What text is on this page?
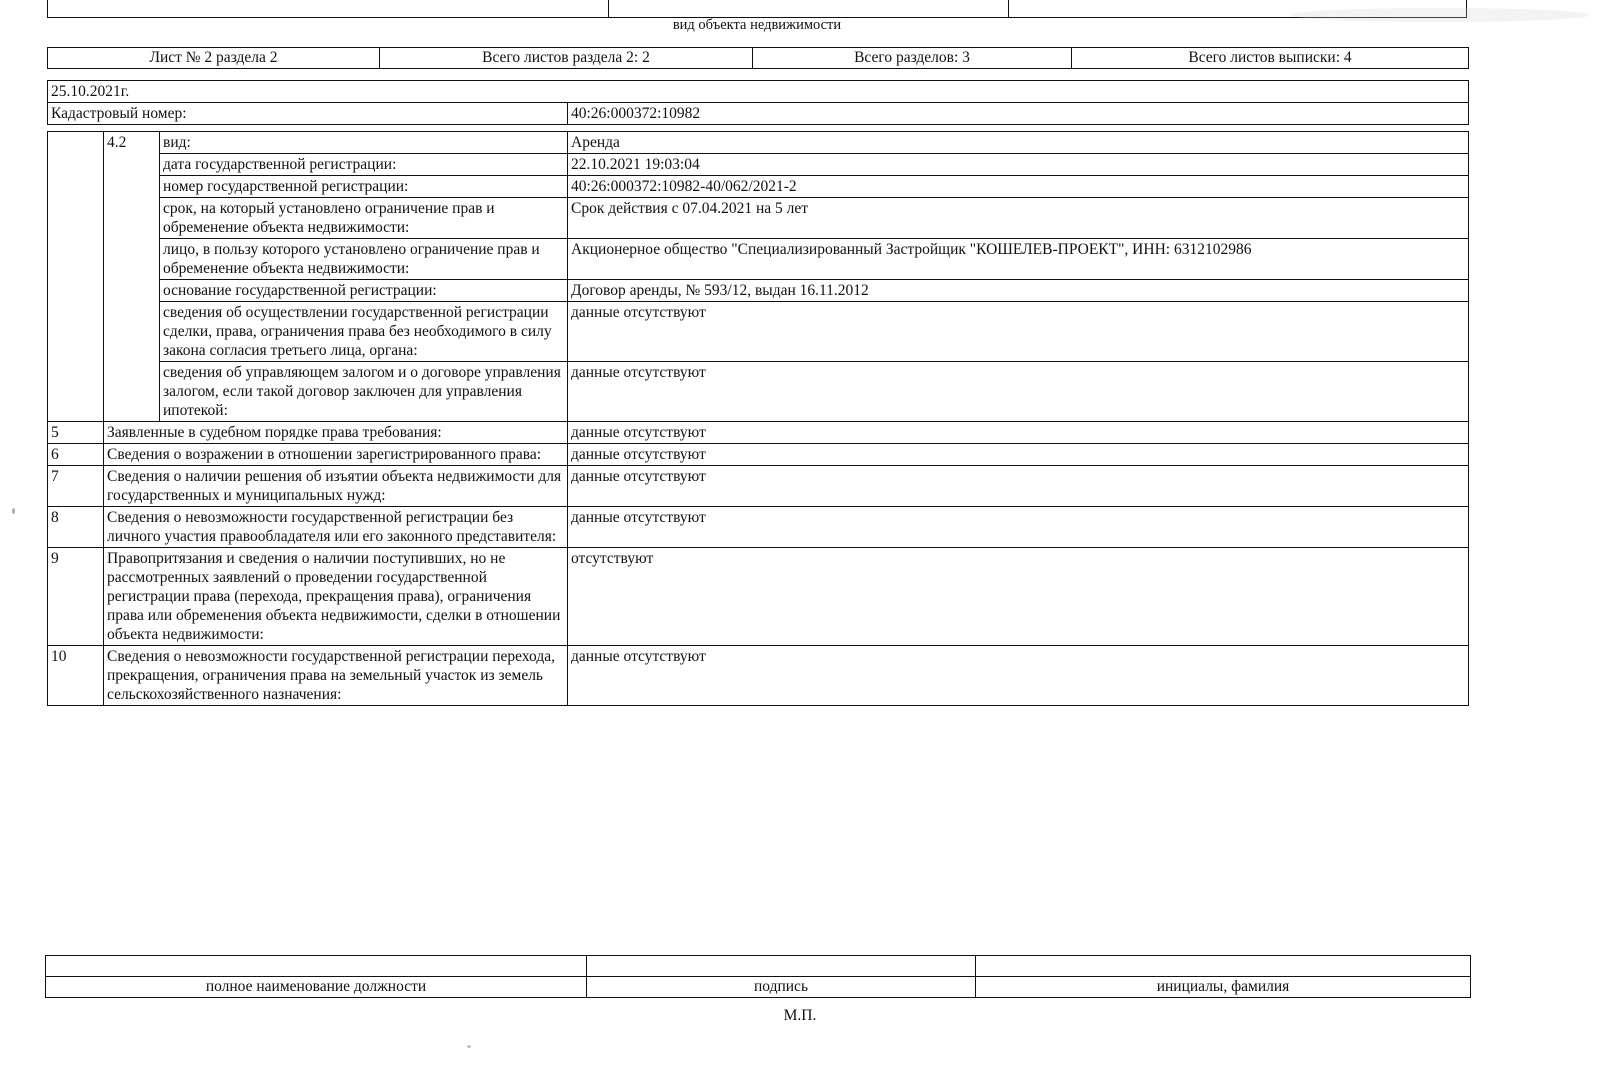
вид объекта недвижимости
Лист № 2 раздела 2	Всего листов раздела 2: 2	Всего разделов: 3	Всего листов выписки: 4
25.10.2021г.			
Кадастровый номер:			40:26:000372:10982

	4.2	вид:	Аренда
		дата государственной регистрации:	22.10.2021 19:03:04
		номер государственной регистрации:	40:26:000372:10982-40/062/2021-2
		срок, на который установлено ограничение прав и обременение объекта недвижимости:	Срок действия с 07.04.2021 на 5 лет
		лицо, в пользу которого установлено ограничение прав и обременение объекта недвижимости:	Акционерное общество "Специализированный Застройщик "КОШЕЛЕВ-ПРОЕКТ", ИНН: 6312102986
		основание государственной регистрации:	Договор аренды, № 593/12, выдан 16.11.2012
		сведения об осуществлении государственной регистрации сделки, права, ограничения права без необходимого в силу закона согласия третьего лица, органа:	данные отсутствуют
		сведения об управляющем залогом и о договоре управления залогом, если такой договор заключен для управления ипотекой:	данные отсутствуют
5	Заявленные в судебном порядке права требования:		данные отсутствуют
6	Сведения о возражении в отношении зарегистрированного права:		данные отсутствуют
7	Сведения о наличии решения об изъятии объекта недвижимости для государственных и муниципальных нужд:		данные отсутствуют
8	Сведения о невозможности государственной регистрации без личного участия правообладателя или его законного представителя:		данные отсутствуют
9	Правопритязания и сведения о наличии поступивших, но не рассмотренных заявлений о проведении государственной регистрации права (перехода, прекращения права), ограничения права или обременения объекта недвижимости, сделки в отношении объекта недвижимости:		отсутствуют
10	Сведения о невозможности государственной регистрации перехода, прекращения, ограничения права на земельный участок из земель сельскохозяйственного назначения:		данные отсутствуют

полное наименование должности	подпись	инициалы, фамилия
М.П.
